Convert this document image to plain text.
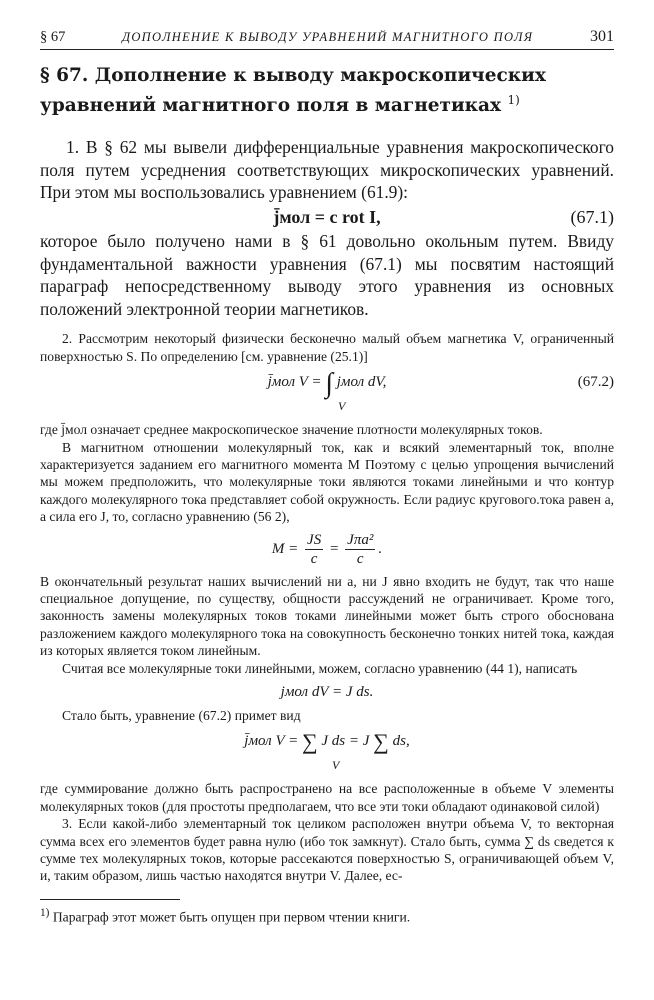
§ 67	ДОПОЛНЕНИЕ К ВЫВОДУ УРАВНЕНИЙ МАГНИТНОГО ПОЛЯ	301
§ 67. Дополнение к выводу макроскопических уравнений магнитного поля в магнетиках $^{1)}$

1. В § 62 мы вывели дифференциальные уравнения макроскопического поля путем усреднения соответствующих микроскопических уравнений. При этом мы воспользовались уравнением (61.9):

j̄мол = c rot I,	(67.1)

которое было получено нами в § 61 довольно окольным путем. Ввиду фундаментальной важности уравнения (67.1) мы посвятим настоящий параграф непосредственному выводу этого уравнения из основных положений электронной теории магнетиков.

2. Рассмотрим некоторый физически бесконечно малый объем магнетика V, ограниченный поверхностью S. По определению [см. уравнение (25.1)]

j̄мол V = ∫ jмол dV,
V
(67.2)

где j̄мол означает среднее макроскопическое значение плотности молекулярных токов.

В магнитном отношении молекулярный ток, как и всякий элементарный ток, вполне характеризуется заданием его магнитного момента M Поэтому с целью упрощения вычислений мы можем предположить, что молекулярные токи являются токами линейными и что контур каждого молекулярного тока представляет собой окружность. Если радиус кругового.тока равен a, а сила его J, то, согласно уравнению (56 2),

$M = \frac{JS}{c} = \frac{\text{Jπa²}}{c}$ .

В окончательный результат наших вычислений ни a, ни J явно входить не будут, так что наше специальное допущение, по существу, общности рассуждений не ограничивает. Кроме того, законность замены молекулярных токов токами линейными может быть строго обоснована разложением каждого молекулярного тока на совокупность бесконечно тонких нитей тока, каждая из которых является током линейным.

Считая все молекулярные токи линейными, можем, согласно уравнению (44 1), написать

jмол dV = J ds.

Стало быть, уравнение (67.2) примет вид

j̄мол V = ∑ J ds = J ∑ ds,
V

где суммирование должно быть распространено на все расположенные в объеме V элементы молекулярных токов (для простоты предполагаем, что все эти токи обладают одинаковой силой)

3. Если какой-либо элементарный ток целиком расположен внутри объема V, то векторная сумма всех его элементов будет равна нулю (ибо ток замкнут). Стало быть, сумма ∑ ds сведется к сумме тех молекулярных токов, которые рассекаются поверхностью S, ограничивающей объем V, и, таким образом, лишь частью находятся внутри V. Далее, ес-

$^{1)}$ Параграф этот может быть опущен при первом чтении книги.
